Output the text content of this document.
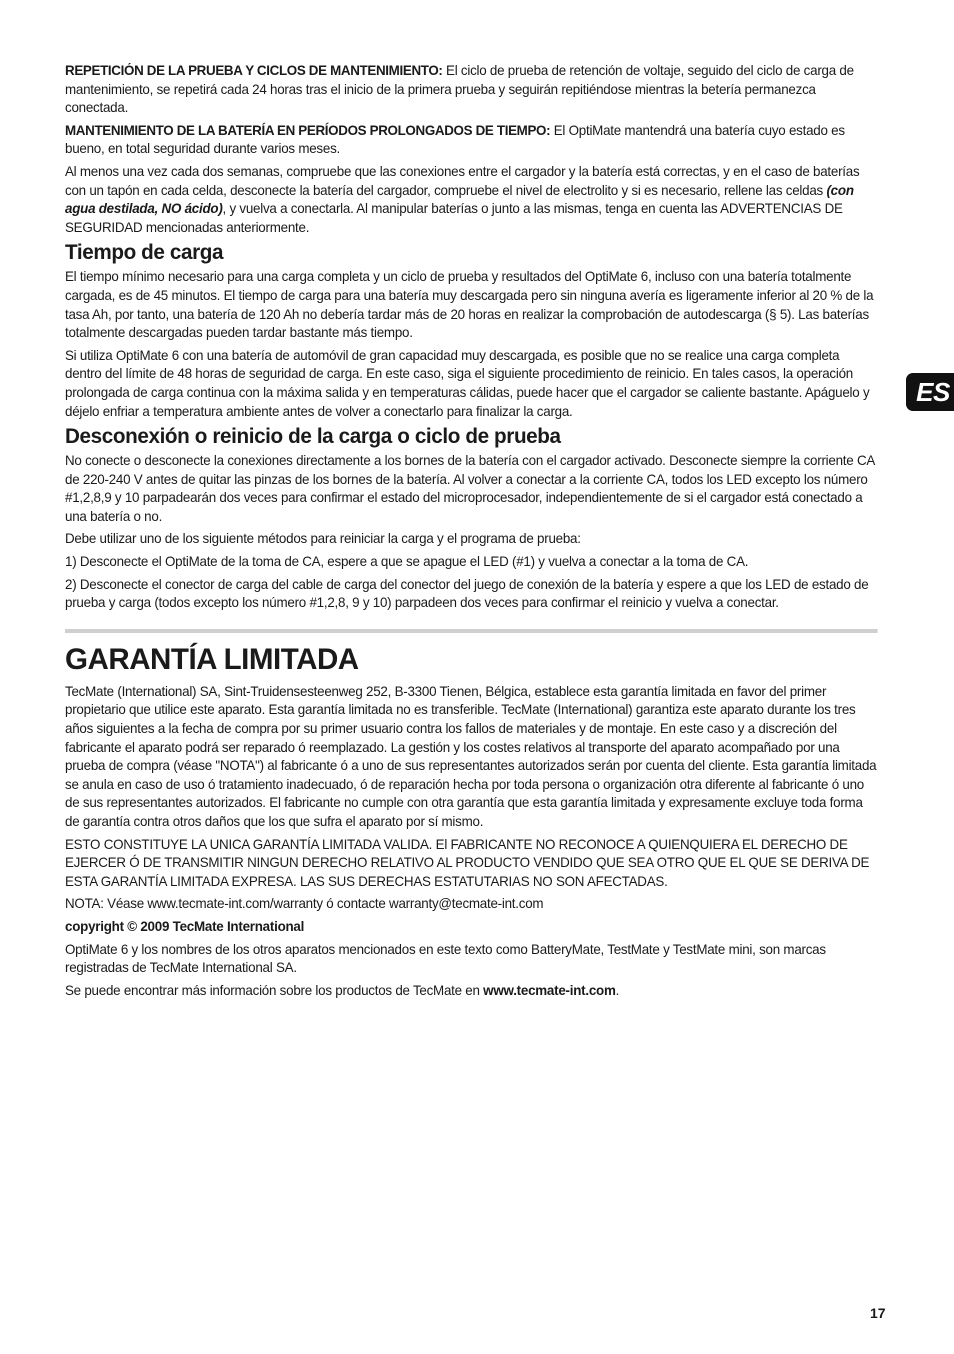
ES

REPETICIÓN DE LA PRUEBA Y CICLOS DE MANTENIMIENTO: El ciclo de prueba de retención de voltaje, seguido del ciclo de carga de mantenimiento, se repetirá cada 24 horas tras el inicio de la primera prueba y seguirán repitiéndose mientras la betería permanezca conectada.

MANTENIMIENTO DE LA BATERÍA EN PERÍODOS PROLONGADOS DE TIEMPO: El OptiMate mantendrá una batería cuyo estado es bueno, en total seguridad durante varios meses.

Al menos una vez cada dos semanas, compruebe que las conexiones entre el cargador y la batería está correctas, y en el caso de baterías con un tapón en cada celda, desconecte la batería del cargador, compruebe el nivel de electrolito y si es necesario, rellene las celdas (con agua destilada, NO ácido), y vuelva a conectarla. Al manipular baterías o junto a las mismas, tenga en cuenta las ADVERTENCIAS DE SEGURIDAD mencionadas anteriormente.

Tiempo de carga

El tiempo mínimo necesario para una carga completa y un ciclo de prueba y resultados del OptiMate 6, incluso con una batería totalmente cargada, es de 45 minutos. El tiempo de carga para una batería muy descargada pero sin ninguna avería es ligeramente inferior al 20 % de la tasa Ah, por tanto, una batería de 120 Ah no debería tardar más de 20 horas en realizar la comprobación de autodescarga (§ 5). Las baterías totalmente descargadas pueden tardar bastante más tiempo.

Si utiliza OptiMate 6 con una batería de automóvil de gran capacidad muy descargada, es posible que no se realice una carga completa dentro del límite de 48 horas de seguridad de carga. En este caso, siga el siguiente procedimiento de reinicio. En tales casos, la operación prolongada de carga continua con la máxima salida y en temperaturas cálidas, puede hacer que el cargador se caliente bastante. Apáguelo y déjelo enfriar a temperatura ambiente antes de volver a conectarlo para finalizar la carga.

Desconexión o reinicio de la carga o ciclo de prueba

No conecte o desconecte la conexiones directamente a los bornes de la batería con el cargador activado. Desconecte siempre la corriente CA de 220-240 V antes de quitar las pinzas de los bornes de la batería. Al volver a conectar a la corriente CA, todos los LED excepto los número #1,2,8,9 y 10 parpadearán dos veces para confirmar el estado del microprocesador, independientemente de si el cargador está conectado a una batería o no.

Debe utilizar uno de los siguiente métodos para reiniciar la carga y el programa de prueba:

1) Desconecte el OptiMate de la toma de CA, espere a que se apague el LED (#1) y vuelva a conectar a la toma de CA.

2) Desconecte el conector de carga del cable de carga del conector del juego de conexión de la batería y espere a que los LED de estado de prueba y carga (todos excepto los número #1,2,8, 9 y 10) parpadeen dos veces para confirmar el reinicio y vuelva a conectar.

GARANTÍA LIMITADA

TecMate (International) SA, Sint-Truidensesteenweg 252, B-3300 Tienen, Bélgica, establece esta garantía limitada en favor del primer propietario que utilice este aparato. Esta garantía limitada no es transferible. TecMate (International) garantiza este aparato durante los tres años siguientes a la fecha de compra por su primer usuario contra los fallos de materiales y de montaje. En este caso y a discreción del fabricante el aparato podrá ser reparado ó reemplazado. La gestión y los costes relativos al transporte del aparato acompañado por una prueba de compra (véase "NOTA") al fabricante ó a uno de sus representantes autorizados serán por cuenta del cliente. Esta garantía limitada se anula en caso de uso ó tratamiento inadecuado, ó de reparación hecha por toda persona o organización otra diferente al fabricante ó uno de sus representantes autorizados. El fabricante no cumple con otra garantía que esta garantía limitada y expresamente excluye toda forma de garantía contra otros daños que los que sufra el aparato por sí mismo.

ESTO CONSTITUYE LA UNICA GARANTÍA LIMITADA VALIDA. El FABRICANTE NO RECONOCE A QUIENQUIERA EL DERECHO DE EJERCER Ó DE TRANSMITIR NINGUN DERECHO RELATIVO AL PRODUCTO VENDIDO QUE SEA OTRO QUE EL QUE SE DERIVA DE ESTA GARANTÍA LIMITADA EXPRESA. LAS SUS DERECHAS ESTATUTARIAS NO SON AFECTADAS.

NOTA: Véase www.tecmate-int.com/warranty ó contacte warranty@tecmate-int.com

copyright © 2009 TecMate International

OptiMate 6 y los nombres de los otros aparatos mencionados en este texto como BatteryMate, TestMate y TestMate mini, son marcas registradas de TecMate International SA.

Se puede encontrar más información sobre los productos de TecMate en www.tecmate-int.com.

17
